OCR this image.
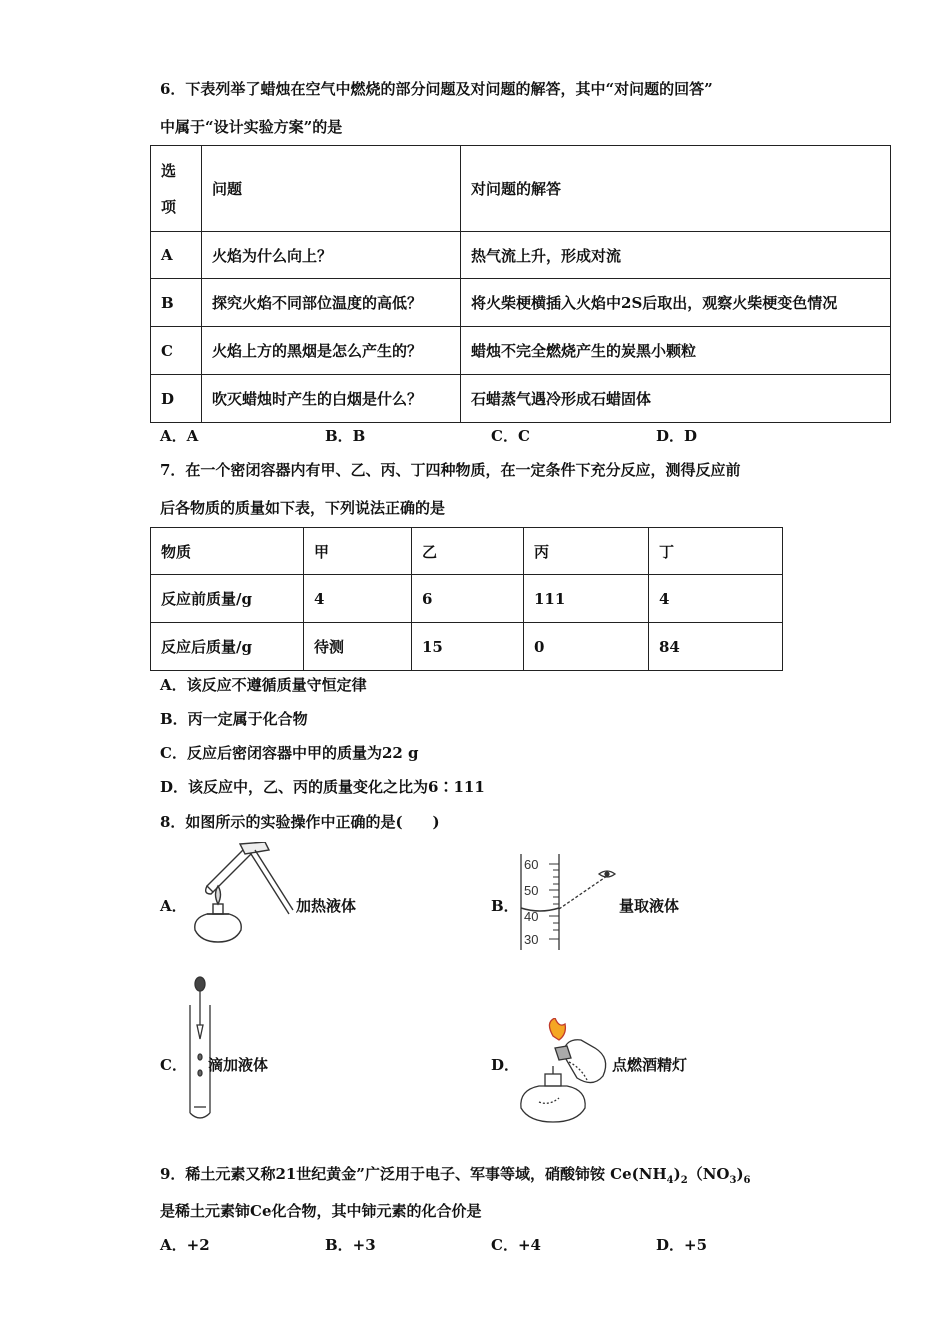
6．下表列举了蜡烛在空气中燃烧的部分问题及对问题的解答，其中“对问题的回答”
中属于“设计实验方案”的是
选
项	问题	对问题的解答
A	火焰为什么向上？	热气流上升，形成对流
B	探究火焰不同部位温度的高低？	将火柴梗横插入火焰中2S后取出，观察火柴梗变色情况
C	火焰上方的黑烟是怎么产生的？	蜡烛不完全燃烧产生的炭黑小颗粒
D	吹灭蜡烛时产生的白烟是什么？	石蜡蒸气遇冷形成石蜡固体
A．A	B．B	C．C	D．D
7．在一个密闭容器内有甲、乙、丙、丁四种物质，在一定条件下充分反应，测得反应前
后各物质的质量如下表，下列说法正确的是
物质	甲	乙	丙	丁
反应前质量/g	4	6	111	4
反应后质量/g	待测	15	0	84
A．该反应不遵循质量守恒定律
B．丙一定属于化合物
C．反应后密闭容器中甲的质量为22 g
D．该反应中，乙、丙的质量变化之比为6∶111
8．如图所示的实验操作中正确的是(　　)
A．	加热液体	B．
60
50
40
30
量取液体
C． 滴加液体	D．	点燃酒精灯
9．稀土元素又称21世纪黄金”广泛用于电子、军事等域，硝酸铈铵 $Ce(NH_4)_2(NO_3)_6$
是稀土元素铈Ce化合物，其中铈元素的化合价是
A．+2	B．+3	C．+4	D．+5
